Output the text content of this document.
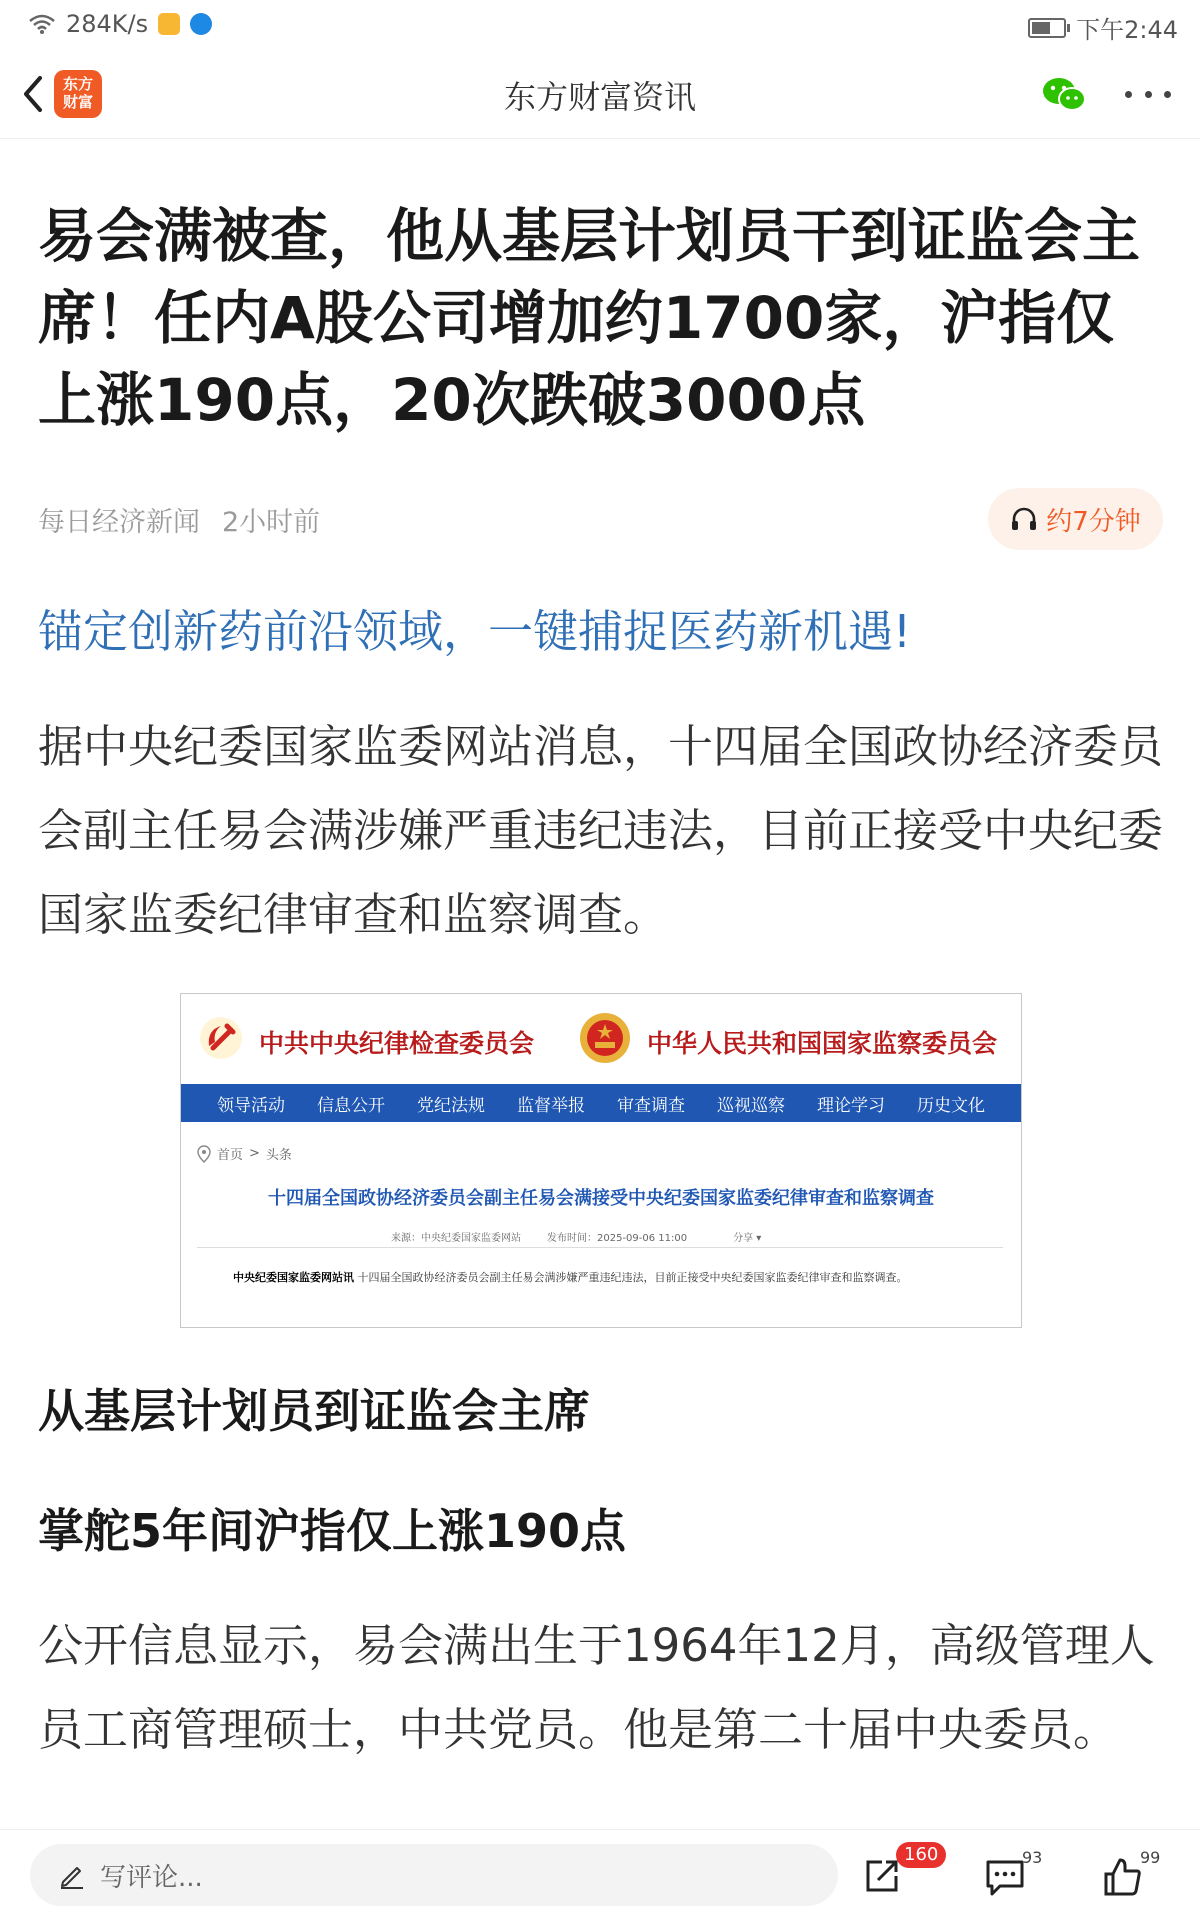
284K/s	下午2:44
东方
财富	东方财富资讯
易会满被查，他从基层计划员干到证监会主席！任内A股公司增加约1700家，沪指仅上涨190点，20次跌破3000点
每日经济新闻 2小时前	约7分钟
锚定创新药前沿领域，一键捕捉医药新机遇!

据中央纪委国家监委网站消息，十四届全国政协经济委员会副主任易会满涉嫌严重违纪违法，目前正接受中央纪委国家监委纪律审查和监察调查。

中共中央纪律检查委员会	中华人民共和国国家监察委员会
领导活动 信息公开 党纪法规 监督举报 审查调查 巡视巡察 理论学习 历史文化
首页 > 头条
十四届全国政协经济委员会副主任易会满接受中央纪委国家监委纪律审查和监察调查
来源：中央纪委国家监委网站	发布时间：2025-09-06 11:00	分享 ▾
中央纪委国家监委网站讯 十四届全国政协经济委员会副主任易会满涉嫌严重违纪违法，目前正接受中央纪委国家监委纪律审查和监察调查。
从基层计划员到证监会主席
掌舵5年间沪指仅上涨190点

公开信息显示，易会满出生于1964年12月，高级管理人员工商管理硕士，中共党员。他是第二十届中央委员。

写评论...
160	93	99
